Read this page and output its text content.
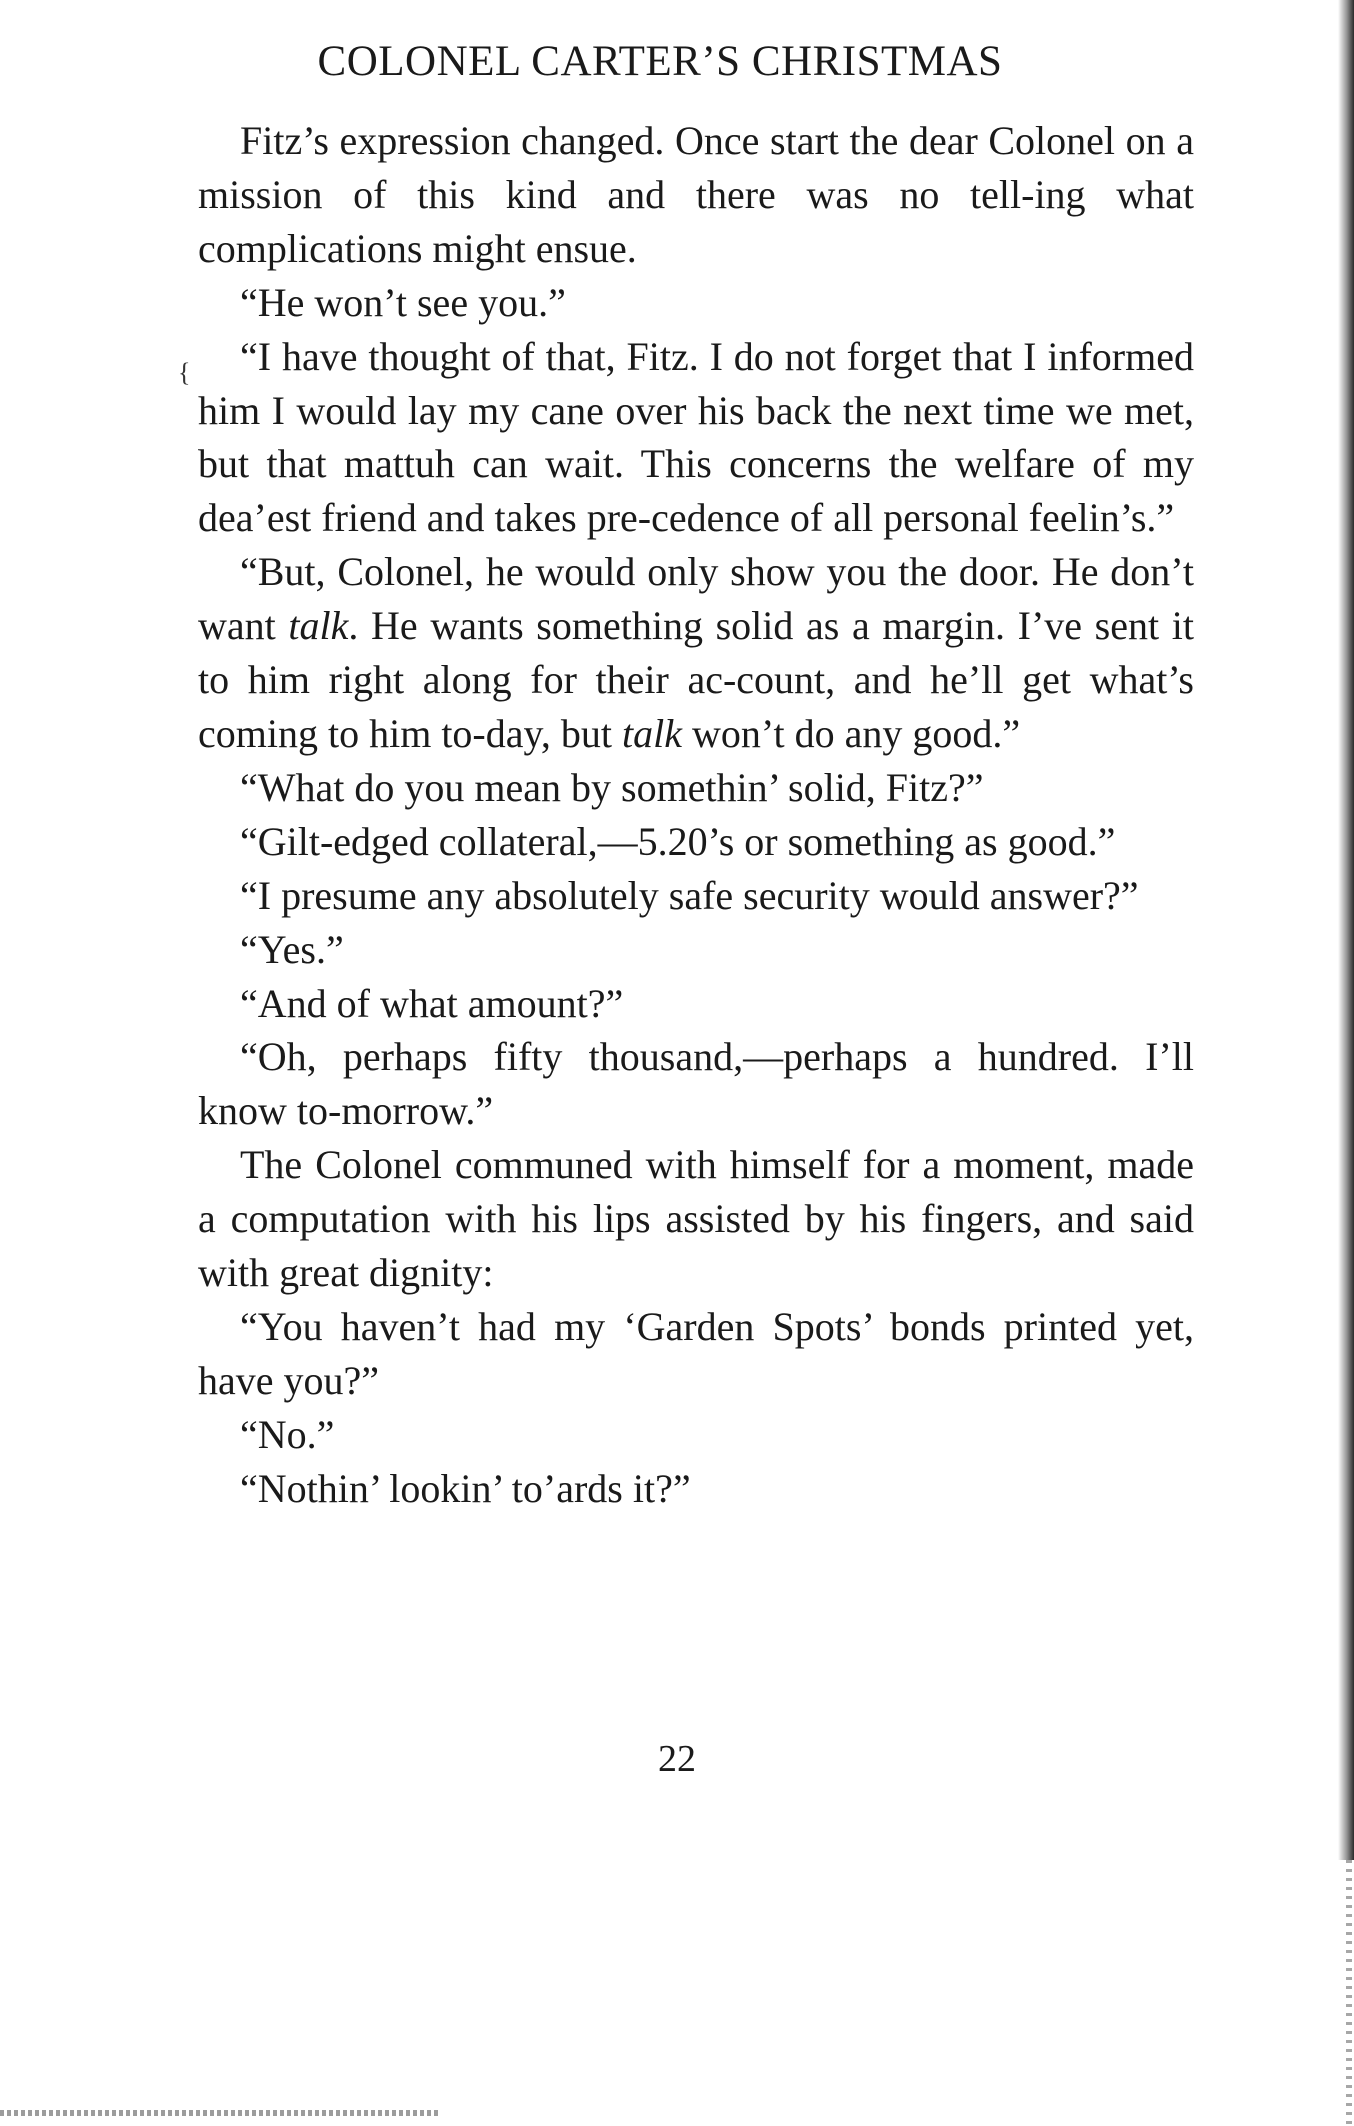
COLONEL CARTER’S CHRISTMAS
{

Fitz’s expression changed. Once start the dear Colonel on a mission of this kind and there was no tell-ing what complications might ensue.

“He won’t see you.”

“I have thought of that, Fitz. I do not forget that I informed him I would lay my cane over his back the next time we met, but that mattuh can wait. This concerns the welfare of my dea’est friend and takes pre-cedence of all personal feelin’s.”

“But, Colonel, he would only show you the door. He don’t want talk. He wants something solid as a margin. I’ve sent it to him right along for their ac-count, and he’ll get what’s coming to him to-day, but talk won’t do any good.”

“What do you mean by somethin’ solid, Fitz?”

“Gilt-edged collateral,—5.20’s or something as good.”

“I presume any absolutely safe security would answer?”

“Yes.”

“And of what amount?”

“Oh, perhaps fifty thousand,—perhaps a hundred. I’ll know to-morrow.”

The Colonel communed with himself for a moment, made a computation with his lips assisted by his fingers, and said with great dignity:

“You haven’t had my ‘Garden Spots’ bonds printed yet, have you?”

“No.”

“Nothin’ lookin’ to’ards it?”

22
